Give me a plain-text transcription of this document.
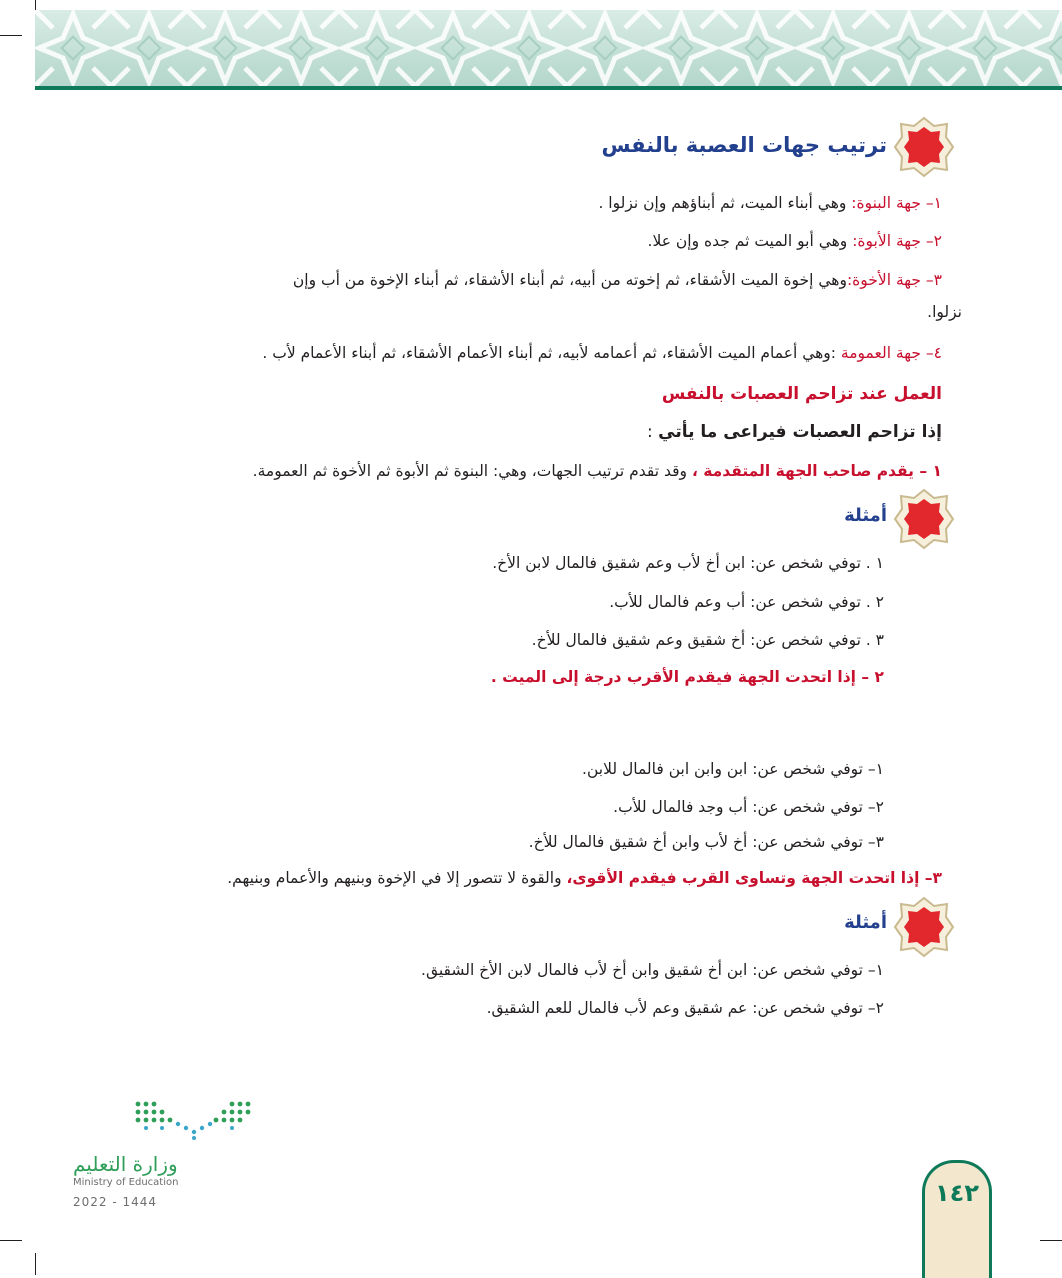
ترتيب جهات العصبة بالنفس
١– جهة البنوة: وهي أبناء الميت، ثم أبناؤهم وإن نزلوا .
٢– جهة الأبوة: وهي أبو الميت ثم جده وإن علا.
٣– جهة الأخوة:وهي إخوة الميت الأشقاء، ثم إخوته من أبيه، ثم أبناء الأشقاء، ثم أبناء الإخوة من أب وإن
نزلوا.
٤– جهة العمومة :وهي أعمام الميت الأشقاء، ثم أعمامه لأبيه، ثم أبناء الأعمام الأشقاء، ثم أبناء الأعمام لأب .
العمل عند تزاحم العصبات بالنفس
إذا تزاحم العصبات فيراعى ما يأتي :
١ – يقدم صاحب الجهة المتقدمة ، وقد تقدم ترتيب الجهات، وهي: البنوة ثم الأبوة ثم الأخوة ثم العمومة.
أمثلة
١ . توفي شخص عن: ابن أخ لأب وعم شقيق فالمال لابن الأخ.
٢ . توفي شخص عن: أب وعم فالمال للأب.
٣ . توفي شخص عن: أخ شقيق وعم شقيق فالمال للأخ.
٢ – إذا اتحدت الجهة فيقدم الأقرب درجة إلى الميت .
١– توفي شخص عن: ابن وابن ابن فالمال للابن.
٢– توفي شخص عن: أب وجد فالمال للأب.
٣– توفي شخص عن: أخ لأب وابن أخ شقيق فالمال للأخ.
٣– إذا اتحدت الجهة وتساوى القرب فيقدم الأقوى، والقوة لا تتصور إلا في الإخوة وبنيهم والأعمام وبنيهم.
أمثلة
١– توفي شخص عن: ابن أخ شقيق وابن أخ لأب فالمال لابن الأخ الشقيق.
٢– توفي شخص عن: عم شقيق وعم لأب فالمال للعم الشقيق.
وزارة التعليم
Ministry of Education
2022 - 1444	١٤٢
